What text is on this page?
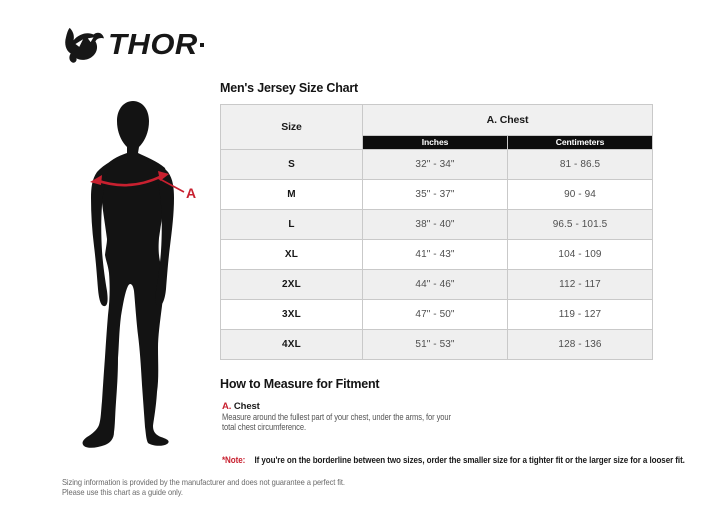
THOR
A
Men's Jersey Size Chart
Size	A. Chest	
	Inches	Centimeters
S	32" - 34"	81 - 86.5
M	35" - 37"	90 - 94
L	38" - 40"	96.5 - 101.5
XL	41" - 43"	104 - 109
2XL	44" - 46"	112 - 117
3XL	47" - 50"	119 - 127
4XL	51" - 53"	128 - 136
How to Measure for Fitment
A. Chest
Measure around the fullest part of your chest, under the arms, for your
total chest circumference.
*Note: If you're on the borderline between two sizes, order the smaller size for a tighter fit or the larger size for a looser fit.
Sizing information is provided by the manufacturer and does not guarantee a perfect fit.
Please use this chart as a guide only.
